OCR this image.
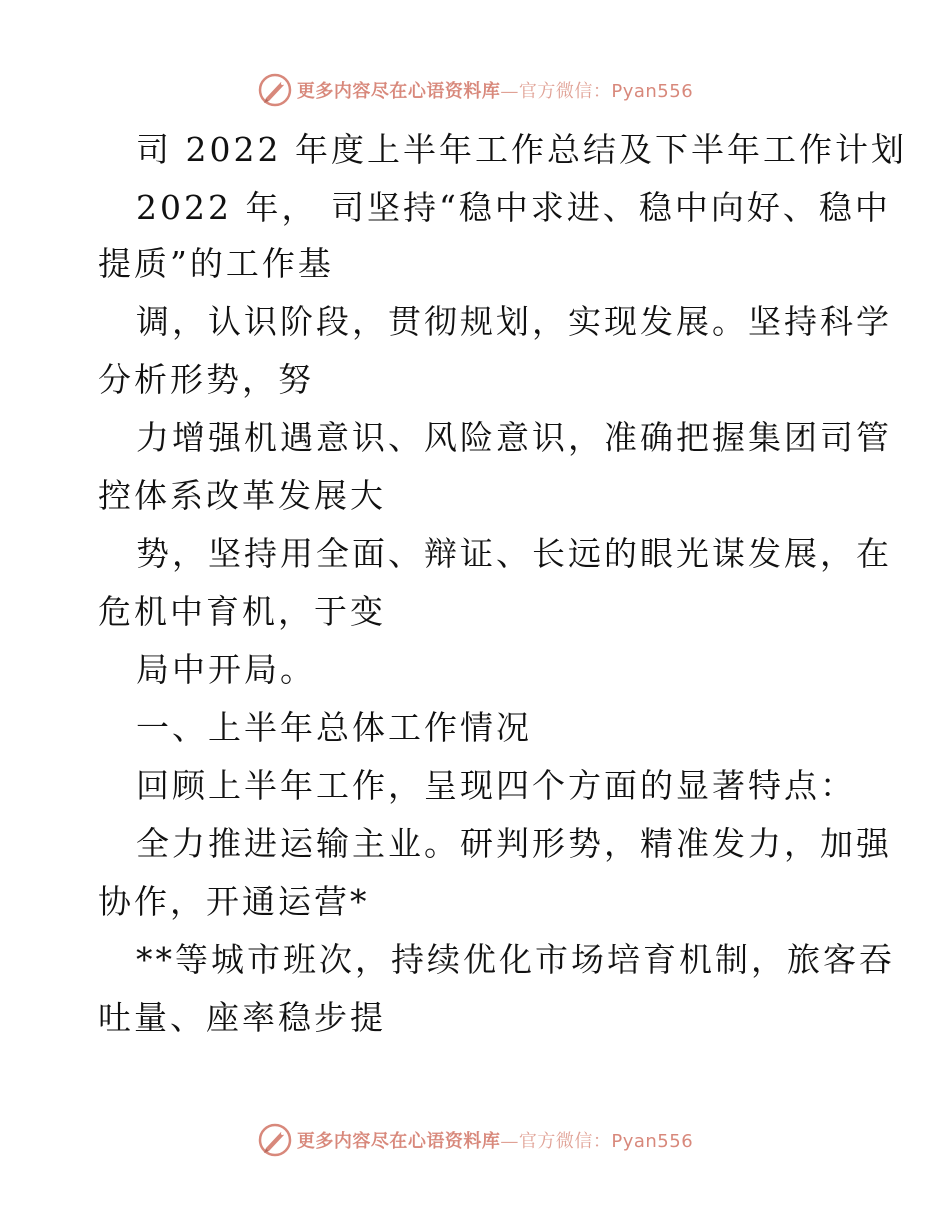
更多内容尽在心语资料库—官方微信：Pyan556
司 2022 年度上半年工作总结及下半年工作计划
2022 年， 司坚持“稳中求进、稳中向好、稳中
提质”的工作基
调，认识阶段，贯彻规划，实现发展。坚持科学
分析形势，努
力增强机遇意识、风险意识，准确把握集团司管
控体系改革发展大
势，坚持用全面、辩证、长远的眼光谋发展，在
危机中育机，于变
局中开局。
一、上半年总体工作情况
回顾上半年工作，呈现四个方面的显著特点：
全力推进运输主业。研判形势，精准发力，加强
协作，开通运营*
**等城市班次，持续优化市场培育机制，旅客吞
吐量、座率稳步提
更多内容尽在心语资料库—官方微信：Pyan556
